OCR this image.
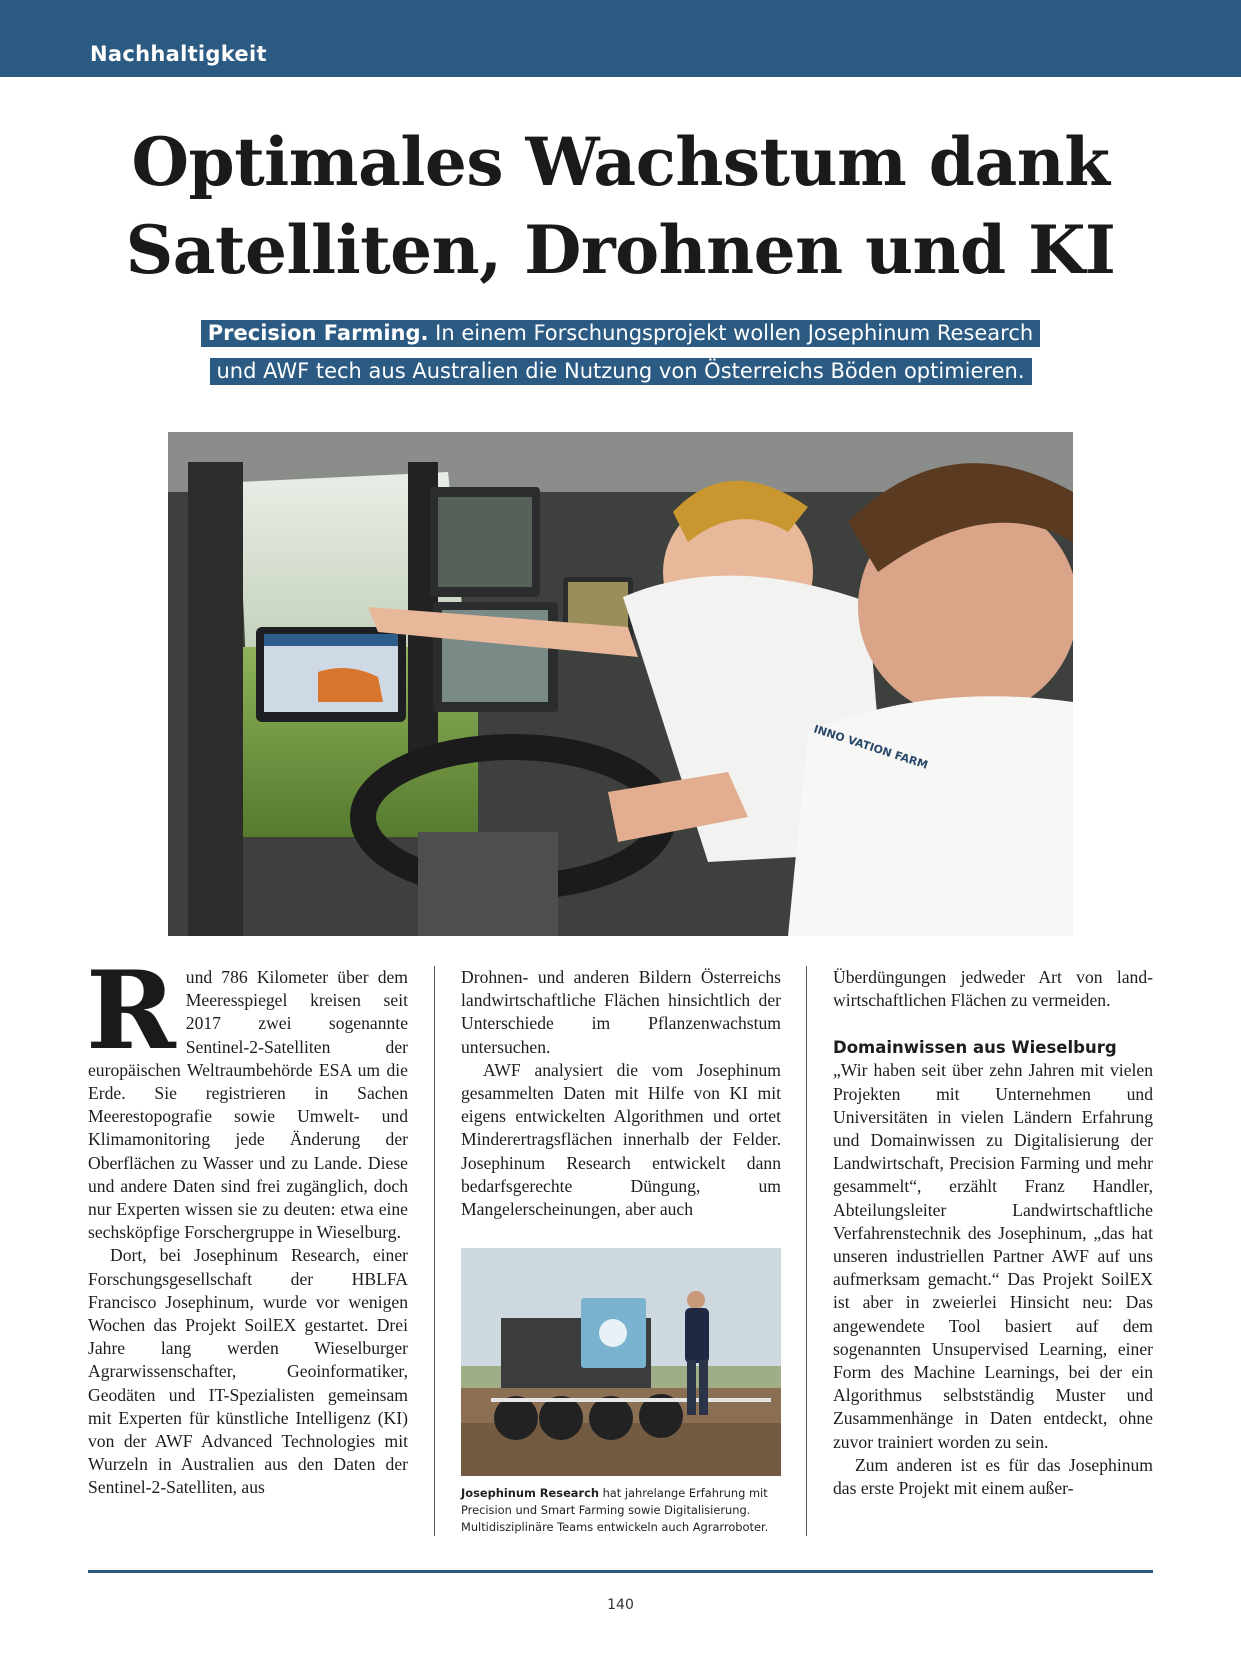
Nachhaltigkeit
Optimales Wachstum dank
Satelliten, Drohnen und KI
Precision Farming. In einem Forschungsprojekt wollen Josephinum Research
und AWF tech aus Australien die Nutzung von Österreichs Böden optimieren.
INNO VATION FARM

Rund 786 Kilometer über dem Meeresspiegel kreisen seit 2017 zwei sogenannte Sentinel-2-Satelliten der europäischen Weltraumbehörde ESA um die Erde. Sie registrieren in Sachen Meerestopografie sowie Umwelt- und Klimamonitoring jede Änderung der Oberflächen zu Wasser und zu Lande. Diese und andere Daten sind frei zugänglich, doch nur Experten wissen sie zu deuten: etwa eine sechsköpfige Forschergruppe in Wieselburg.

Dort, bei Josephinum Research, einer Forschungsgesellschaft der HBLFA Francisco Josephinum, wurde vor wenigen Wochen das Projekt SoilEX gestartet. Drei Jahre lang werden Wieselburger Agrarwissenschafter, Geoinformatiker, Geodäten und IT-Spezialisten gemeinsam mit Experten für künstliche Intelligenz (KI) von der AWF Advanced Technologies mit Wurzeln in Australien aus den Daten der Sentinel-2-Satelliten, aus

Drohnen- und anderen Bildern Österreichs landwirtschaftliche Flächen hinsichtlich der Unterschiede im Pflanzenwachstum untersuchen.

AWF analysiert die vom Josephinum gesammelten Daten mit Hilfe von KI mit eigens entwickelten Algorithmen und ortet Minderertragsflächen innerhalb der Felder. Josephinum Research entwickelt dann bedarfsgerechte Düngung, um Mangelerscheinungen, aber auch

Josephinum Research hat jahrelange Erfahrung mit Precision und Smart Farming sowie Digitalisierung. Multidisziplinäre Teams entwickeln auch Agrarroboter.

Überdüngungen jedweder Art von landwirtschaftlichen Flächen zu vermeiden.

Domainwissen aus Wieselburg

„Wir haben seit über zehn Jahren mit vielen Projekten mit Unternehmen und Universitäten in vielen Ländern Erfahrung und Domainwissen zu Digitalisierung der Landwirtschaft, Precision Farming und mehr gesammelt“, erzählt Franz Handler, Abteilungsleiter Landwirtschaftliche Verfahrenstechnik des Josephinum, „das hat unseren industriellen Partner AWF auf uns aufmerksam gemacht.“ Das Projekt SoilEX ist aber in zweierlei Hinsicht neu: Das angewendete Tool basiert auf dem sogenannten Unsupervised Learning, einer Form des Machine Learnings, bei der ein Algorithmus selbstständig Muster und Zusammenhänge in Daten entdeckt, ohne zuvor trainiert worden zu sein.

Zum anderen ist es für das Josephinum das erste Projekt mit einem außer-

140
